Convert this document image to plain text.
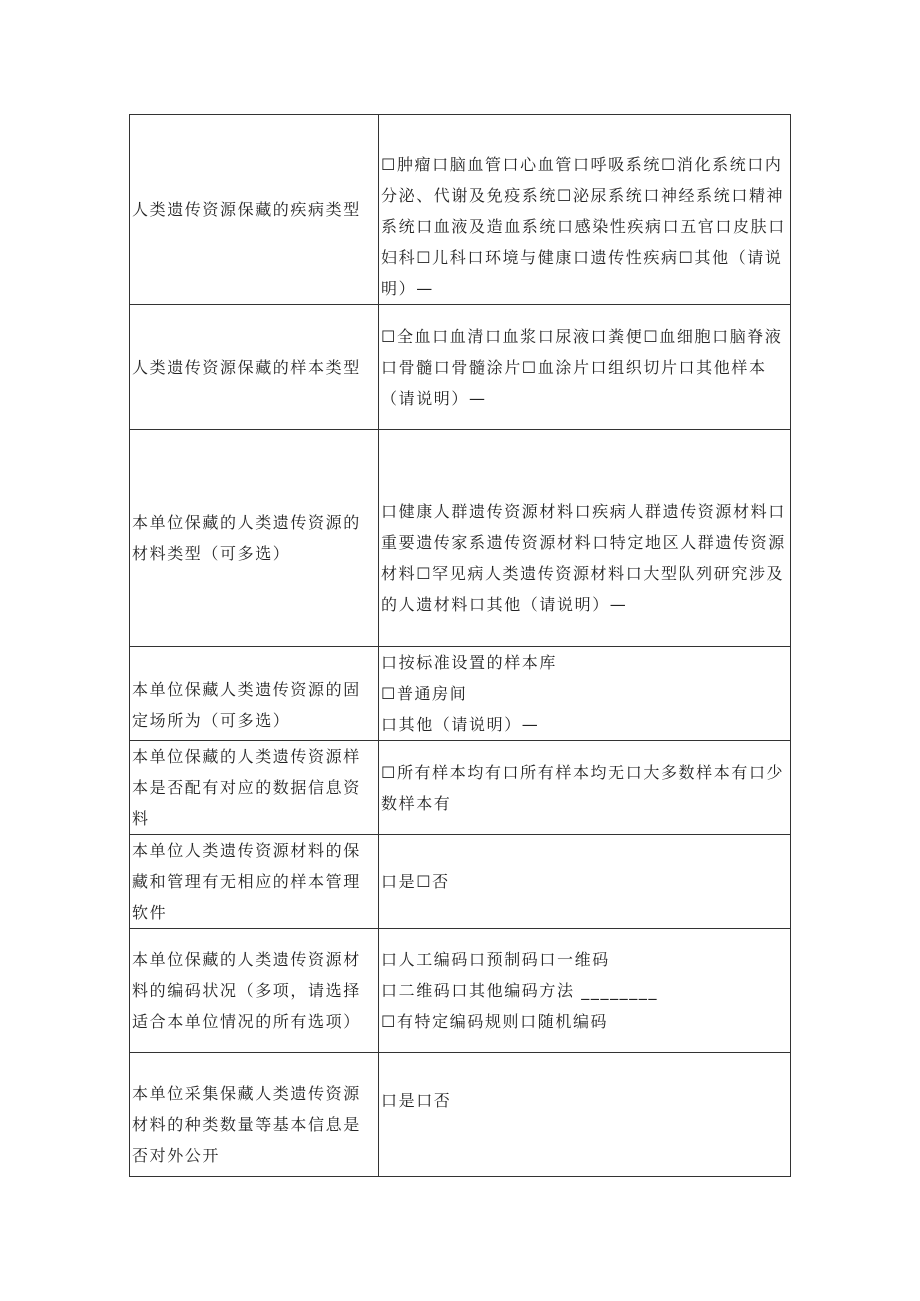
人类遗传资源保藏的疾病类型	☐肿瘤口脑血管口心血管口呼吸系统☐消化系统口内分泌、代谢及免疫系统☐泌尿系统口神经系统口精神系统口血液及造血系统口感染性疾病口五官口皮肤口妇科☐儿科口环境与健康口遗传性疾病☐其他（请说明）—

人类遗传资源保藏的样本类型	☐全血口血清口血浆口尿液口粪便☐血细胞口脑脊液口骨髓口骨髓涂片☐血涂片口组织切片口其他样本（请说明）—

本单位保藏的人类遗传资源的材料类型（可多选）	口健康人群遗传资源材料口疾病人群遗传资源材料口重要遗传家系遗传资源材料口特定地区人群遗传资源材料☐罕见病人类遗传资源材料口大型队列研究涉及的人遗材料口其他（请说明）—

本单位保藏人类遗传资源的固定场所为（可多选）	口按标准设置的样本库
☐普通房间
口其他（请说明）—

本单位保藏的人类遗传资源样本是否配有对应的数据信息资料	☐所有样本均有口所有样本均无口大多数样本有口少数样本有

本单位人类遗传资源材料的保藏和管理有无相应的样本管理软件	口是☐否

本单位保藏的人类遗传资源材料的编码状况（多项，请选择适合本单位情况的所有选项）	口人工编码口预制码口一维码
口二维码口其他编码方法 ________
☐有特定编码规则口随机编码

本单位采集保藏人类遗传资源材料的种类数量等基本信息是否对外公开	口是口否
